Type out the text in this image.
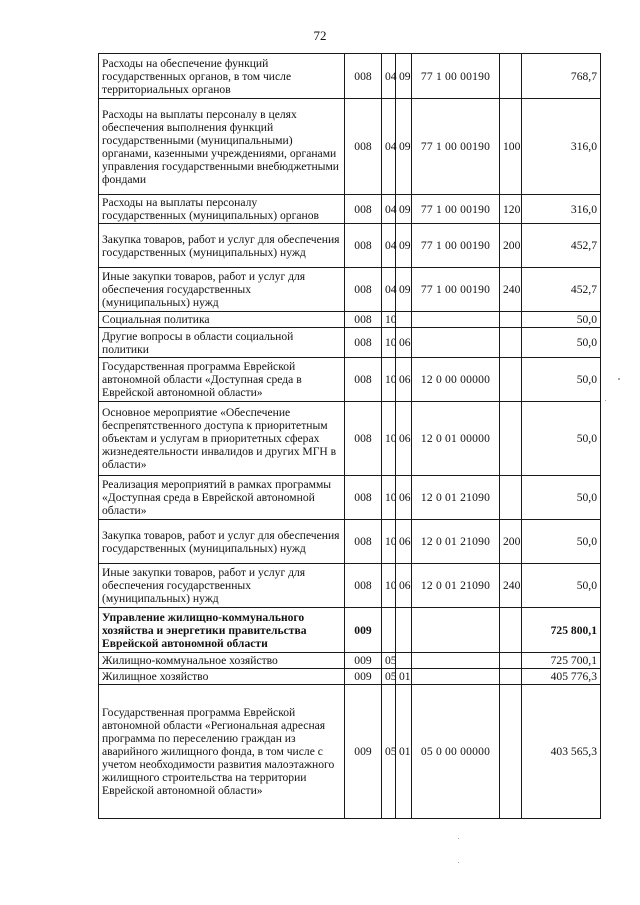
72
Расходы на обеспечение функций государственных органов, в том числе территориальных органов	008	04	09	77 1 00 00190		768,7
Расходы на выплаты персоналу в целях обеспечения выполнения функций государственными (муниципальными) органами, казенными учреждениями, органами управления государственными внебюджетными фондами	008	04	09	77 1 00 00190	100	316,0
Расходы на выплаты персоналу государственных (муниципальных) органов	008	04	09	77 1 00 00190	120	316,0
Закупка товаров, работ и услуг для обеспечения государственных (муниципальных) нужд	008	04	09	77 1 00 00190	200	452,7
Иные закупки товаров, работ и услуг для обеспечения государственных (муниципальных) нужд	008	04	09	77 1 00 00190	240	452,7
Социальная политика	008	10				50,0
Другие вопросы в области социальной политики	008	10	06			50,0
Государственная программа Еврейской автономной области «Доступная среда в Еврейской автономной области»	008	10	06	12 0 00 00000		50,0
Основное мероприятие «Обеспечение беспрепятственного доступа к приоритетным объектам и услугам в приоритетных сферах жизнедеятельности инвалидов и других МГН в области»	008	10	06	12 0 01 00000		50,0
Реализация мероприятий в рамках программы «Доступная среда в Еврейской автономной области»	008	10	06	12 0 01 21090		50,0
Закупка товаров, работ и услуг для обеспечения государственных (муниципальных) нужд	008	10	06	12 0 01 21090	200	50,0
Иные закупки товаров, работ и услуг для обеспечения государственных (муниципальных) нужд	008	10	06	12 0 01 21090	240	50,0
Управление жилищно-коммунального хозяйства и энергетики правительства Еврейской автономной области	009					725 800,1
Жилищно-коммунальное хозяйство	009	05				725 700,1
Жилищное хозяйство	009	05	01			405 776,3
Государственная программа Еврейской автономной области «Региональная адресная программа по переселению граждан из аварийного жилищного фонда, в том числе с учетом необходимости развития малоэтажного жилищного строительства на территории Еврейской автономной области»	009	05	01	05 0 00 00000		403 565,3
